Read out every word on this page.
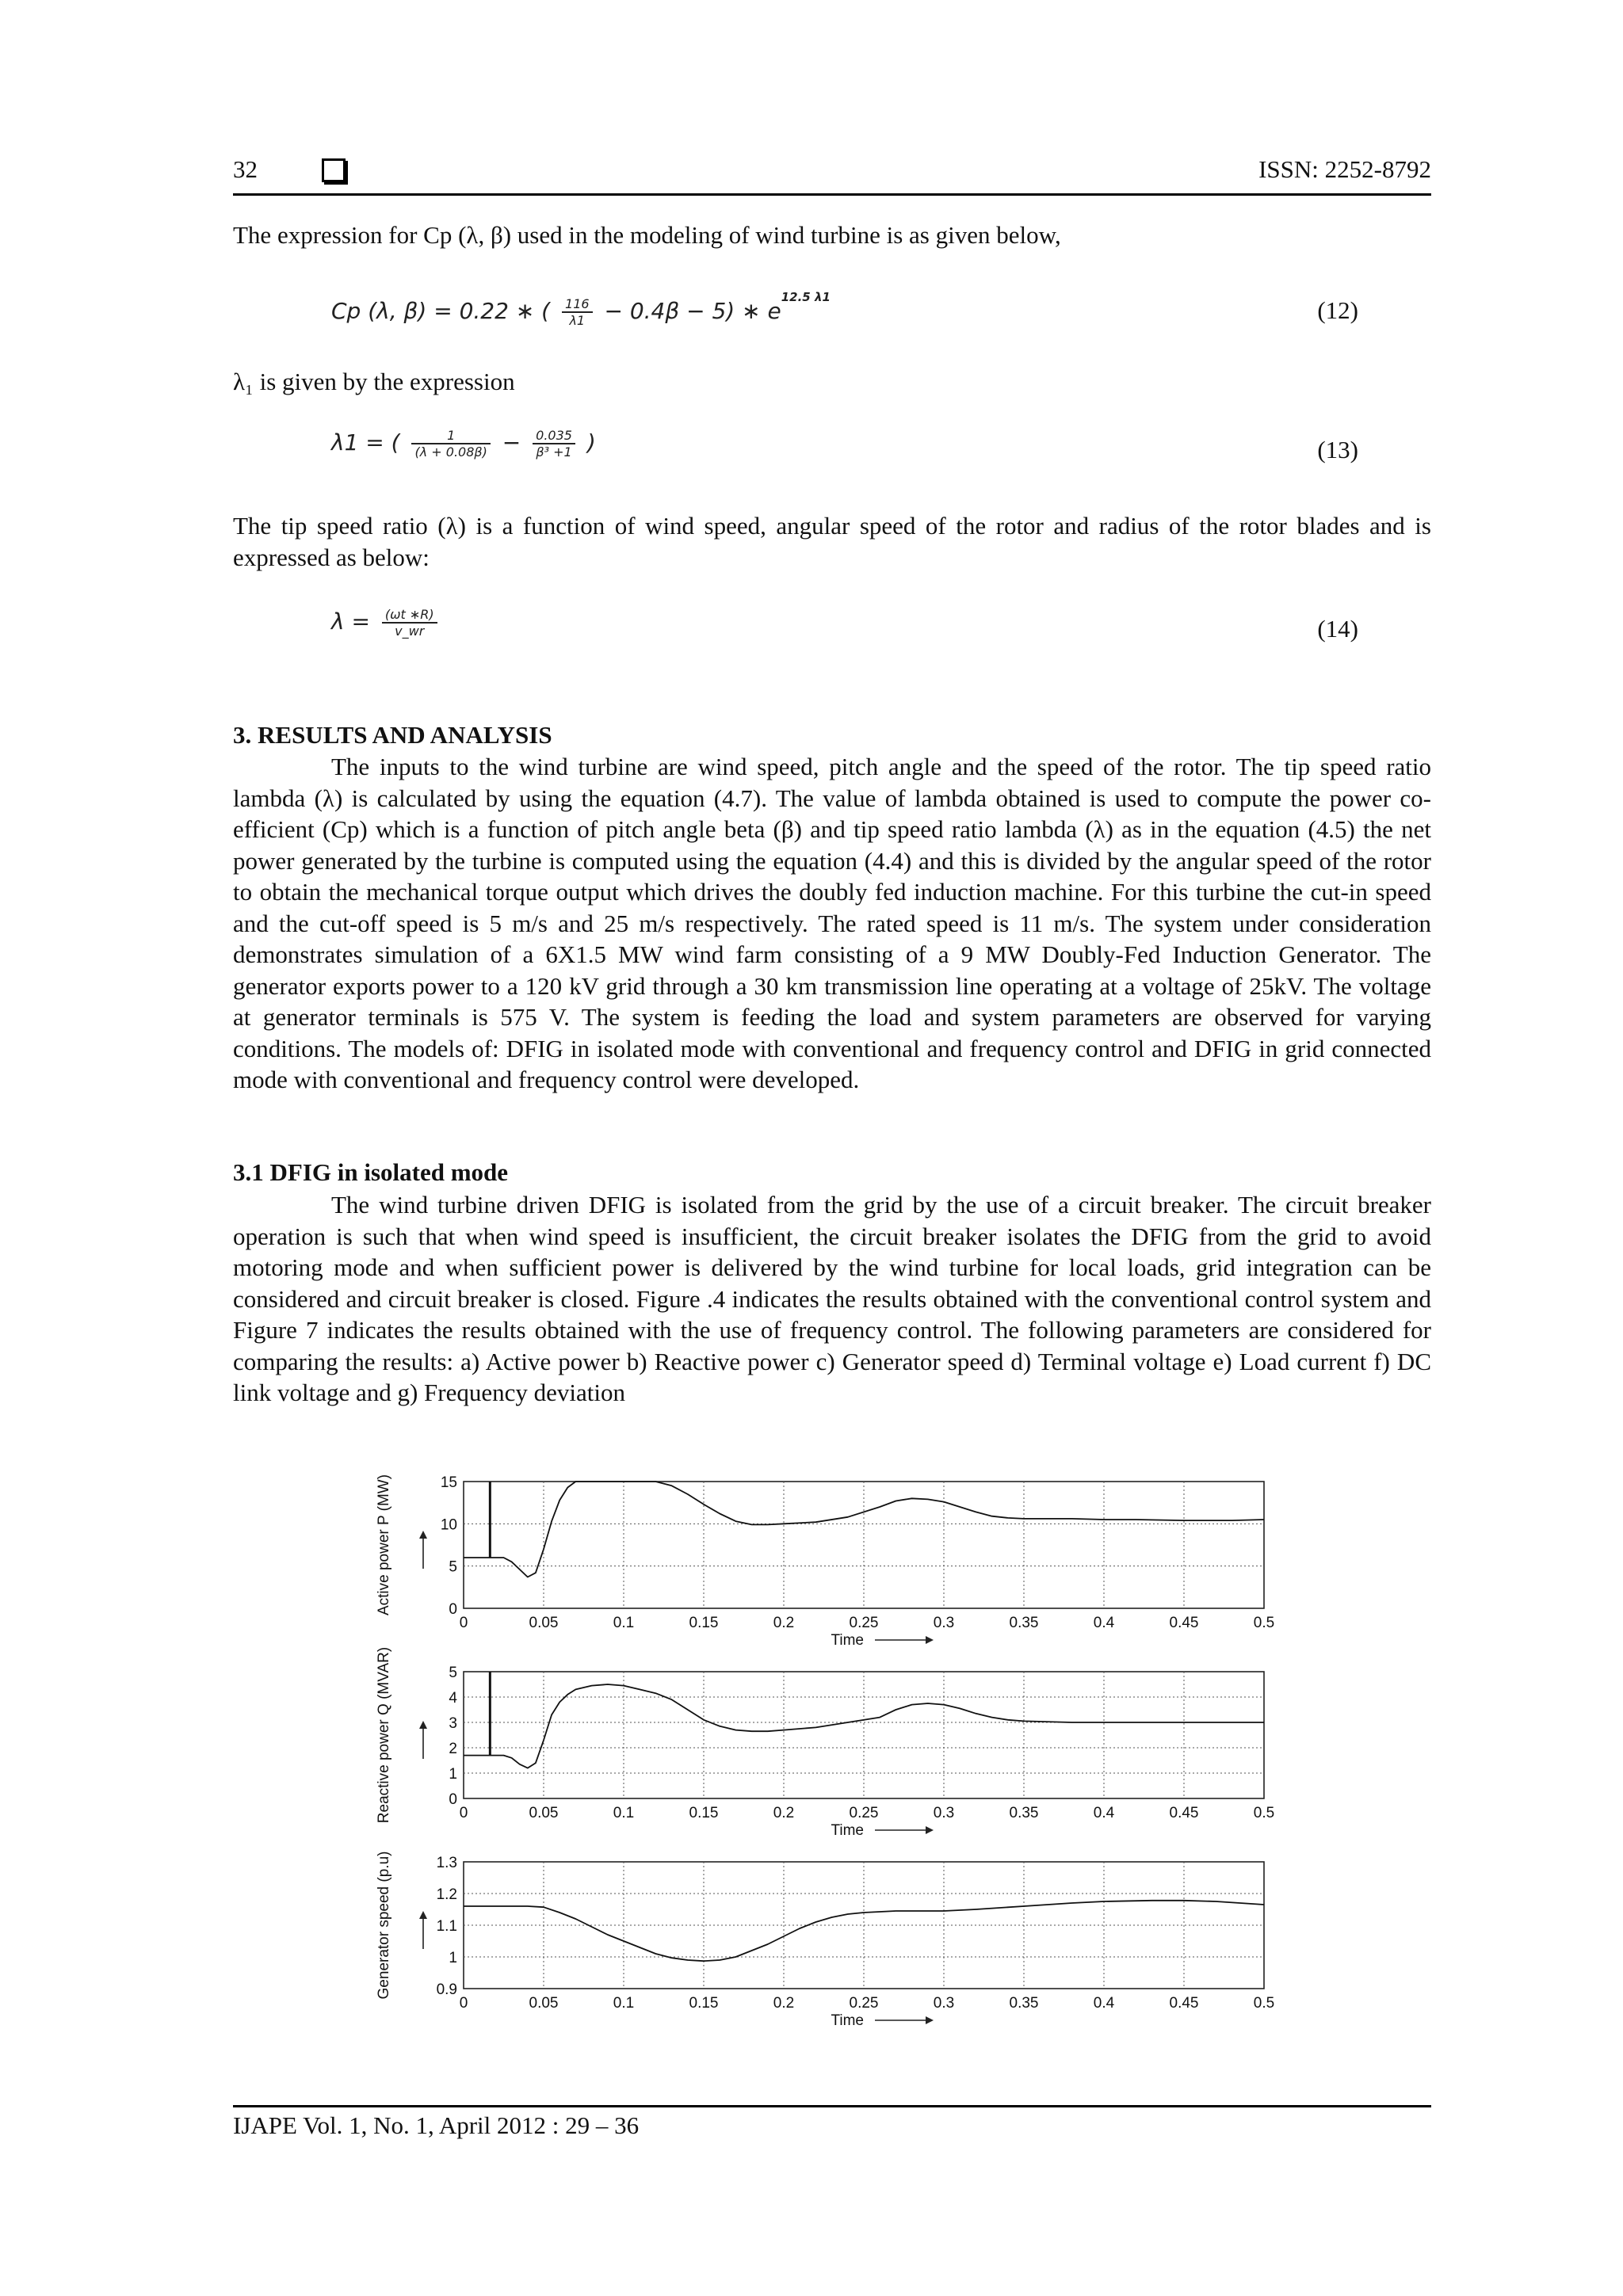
32	ISSN: 2252-8792

The expression for Cp (λ, β) used in the modeling of wind turbine is as given below,

Cp (λ, β) = 0.22 ∗ ( $\frac{116}{\lambda 1} - 0.4\beta - 5$) ∗ $e^{12.5 \lambda 1}$	(12)

λ₁ is given by the expression

λ1 = ( $\frac{1}{(\lambda + 0.08\beta)} - \frac{0.035}{\text{β³ +1}}$ )	(13)

The tip speed ratio (λ) is a function of wind speed, angular speed of the rotor and radius of the rotor blades and is expressed as below:

$\lambda = \frac{(\omega t ∗R)}{v\_wr}$	(14)
3. RESULTS AND ANALYSIS

The inputs to the wind turbine are wind speed, pitch angle and the speed of the rotor. The tip speed ratio lambda (λ) is calculated by using the equation (4.7). The value of lambda obtained is used to compute the power co-efficient (Cp) which is a function of pitch angle beta (β) and tip speed ratio lambda (λ) as in the equation (4.5) the net power generated by the turbine is computed using the equation (4.4) and this is divided by the angular speed of the rotor to obtain the mechanical torque output which drives the doubly fed induction machine. For this turbine the cut-in speed and the cut-off speed is 5 m/s and 25 m/s respectively. The rated speed is 11 m/s. The system under consideration demonstrates simulation of a 6X1.5 MW wind farm consisting of a 9 MW Doubly-Fed Induction Generator. The generator exports power to a 120 kV grid through a 30 km transmission line operating at a voltage of 25kV. The voltage at generator terminals is 575 V. The system is feeding the load and system parameters are observed for varying conditions. The models of: DFIG in isolated mode with conventional and frequency control and DFIG in grid connected mode with conventional and frequency control were developed.

3.1 DFIG in isolated mode

The wind turbine driven DFIG is isolated from the grid by the use of a circuit breaker. The circuit breaker operation is such that when wind speed is insufficient, the circuit breaker isolates the DFIG from the grid to avoid motoring mode and when sufficient power is delivered by the wind turbine for local loads, grid integration can be considered and circuit breaker is closed. Figure .4 indicates the results obtained with the conventional control system and Figure 7 indicates the results obtained with the use of frequency control. The following parameters are considered for comparing the results: a) Active power b) Reactive power c) Generator speed d) Terminal voltage e) Load current f) DC link voltage and g) Frequency deviation

0	0.05	0.1	0.15	0.2	0.25	0.3	0.35	0.4	0.45	0.5
0
5
10
15
Time
Active power P (MW)
0	0.05	0.1	0.15	0.2	0.25	0.3	0.35	0.4	0.45	0.5
0
1
2
3
4
5
Time
Reactive power Q (MVAR)
0	0.05	0.1	0.15	0.2	0.25	0.3	0.35	0.4	0.45	0.5
0.9
1
1.1
1.2
1.3
Time
Generator speed (p.u)
IJAPE Vol. 1, No. 1, April 2012 : 29 – 36
